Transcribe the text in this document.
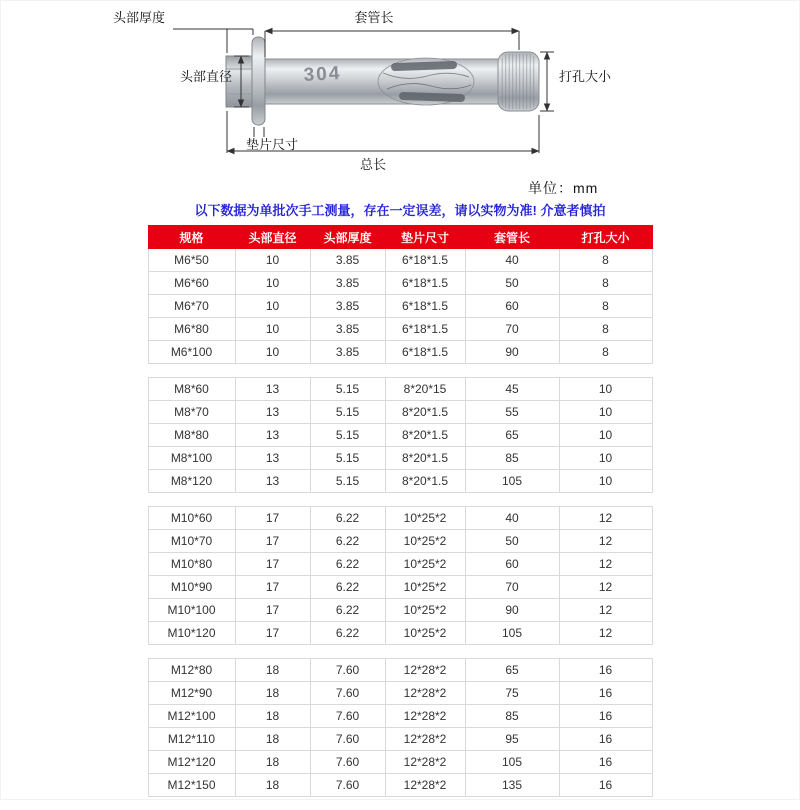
304
头部厚度	套管长
头部直径	打孔大小
垫片尺寸
总长
单位：mm
以下数据为单批次手工测量，存在一定误差，请以实物为准! 介意者慎拍
规格	头部直径	头部厚度	垫片尺寸	套管长	打孔大小
M6*50	10	3.85	6*18*1.5	40	8
M6*60	10	3.85	6*18*1.5	50	8
M6*70	10	3.85	6*18*1.5	60	8
M6*80	10	3.85	6*18*1.5	70	8
M6*100	10	3.85	6*18*1.5	90	8
M8*60	13	5.15	8*20*15	45	10
M8*70	13	5.15	8*20*1.5	55	10
M8*80	13	5.15	8*20*1.5	65	10
M8*100	13	5.15	8*20*1.5	85	10
M8*120	13	5.15	8*20*1.5	105	10
M10*60	17	6.22	10*25*2	40	12
M10*70	17	6.22	10*25*2	50	12
M10*80	17	6.22	10*25*2	60	12
M10*90	17	6.22	10*25*2	70	12
M10*100	17	6.22	10*25*2	90	12
M10*120	17	6.22	10*25*2	105	12
M12*80	18	7.60	12*28*2	65	16
M12*90	18	7.60	12*28*2	75	16
M12*100	18	7.60	12*28*2	85	16
M12*110	18	7.60	12*28*2	95	16
M12*120	18	7.60	12*28*2	105	16
M12*150	18	7.60	12*28*2	135	16
